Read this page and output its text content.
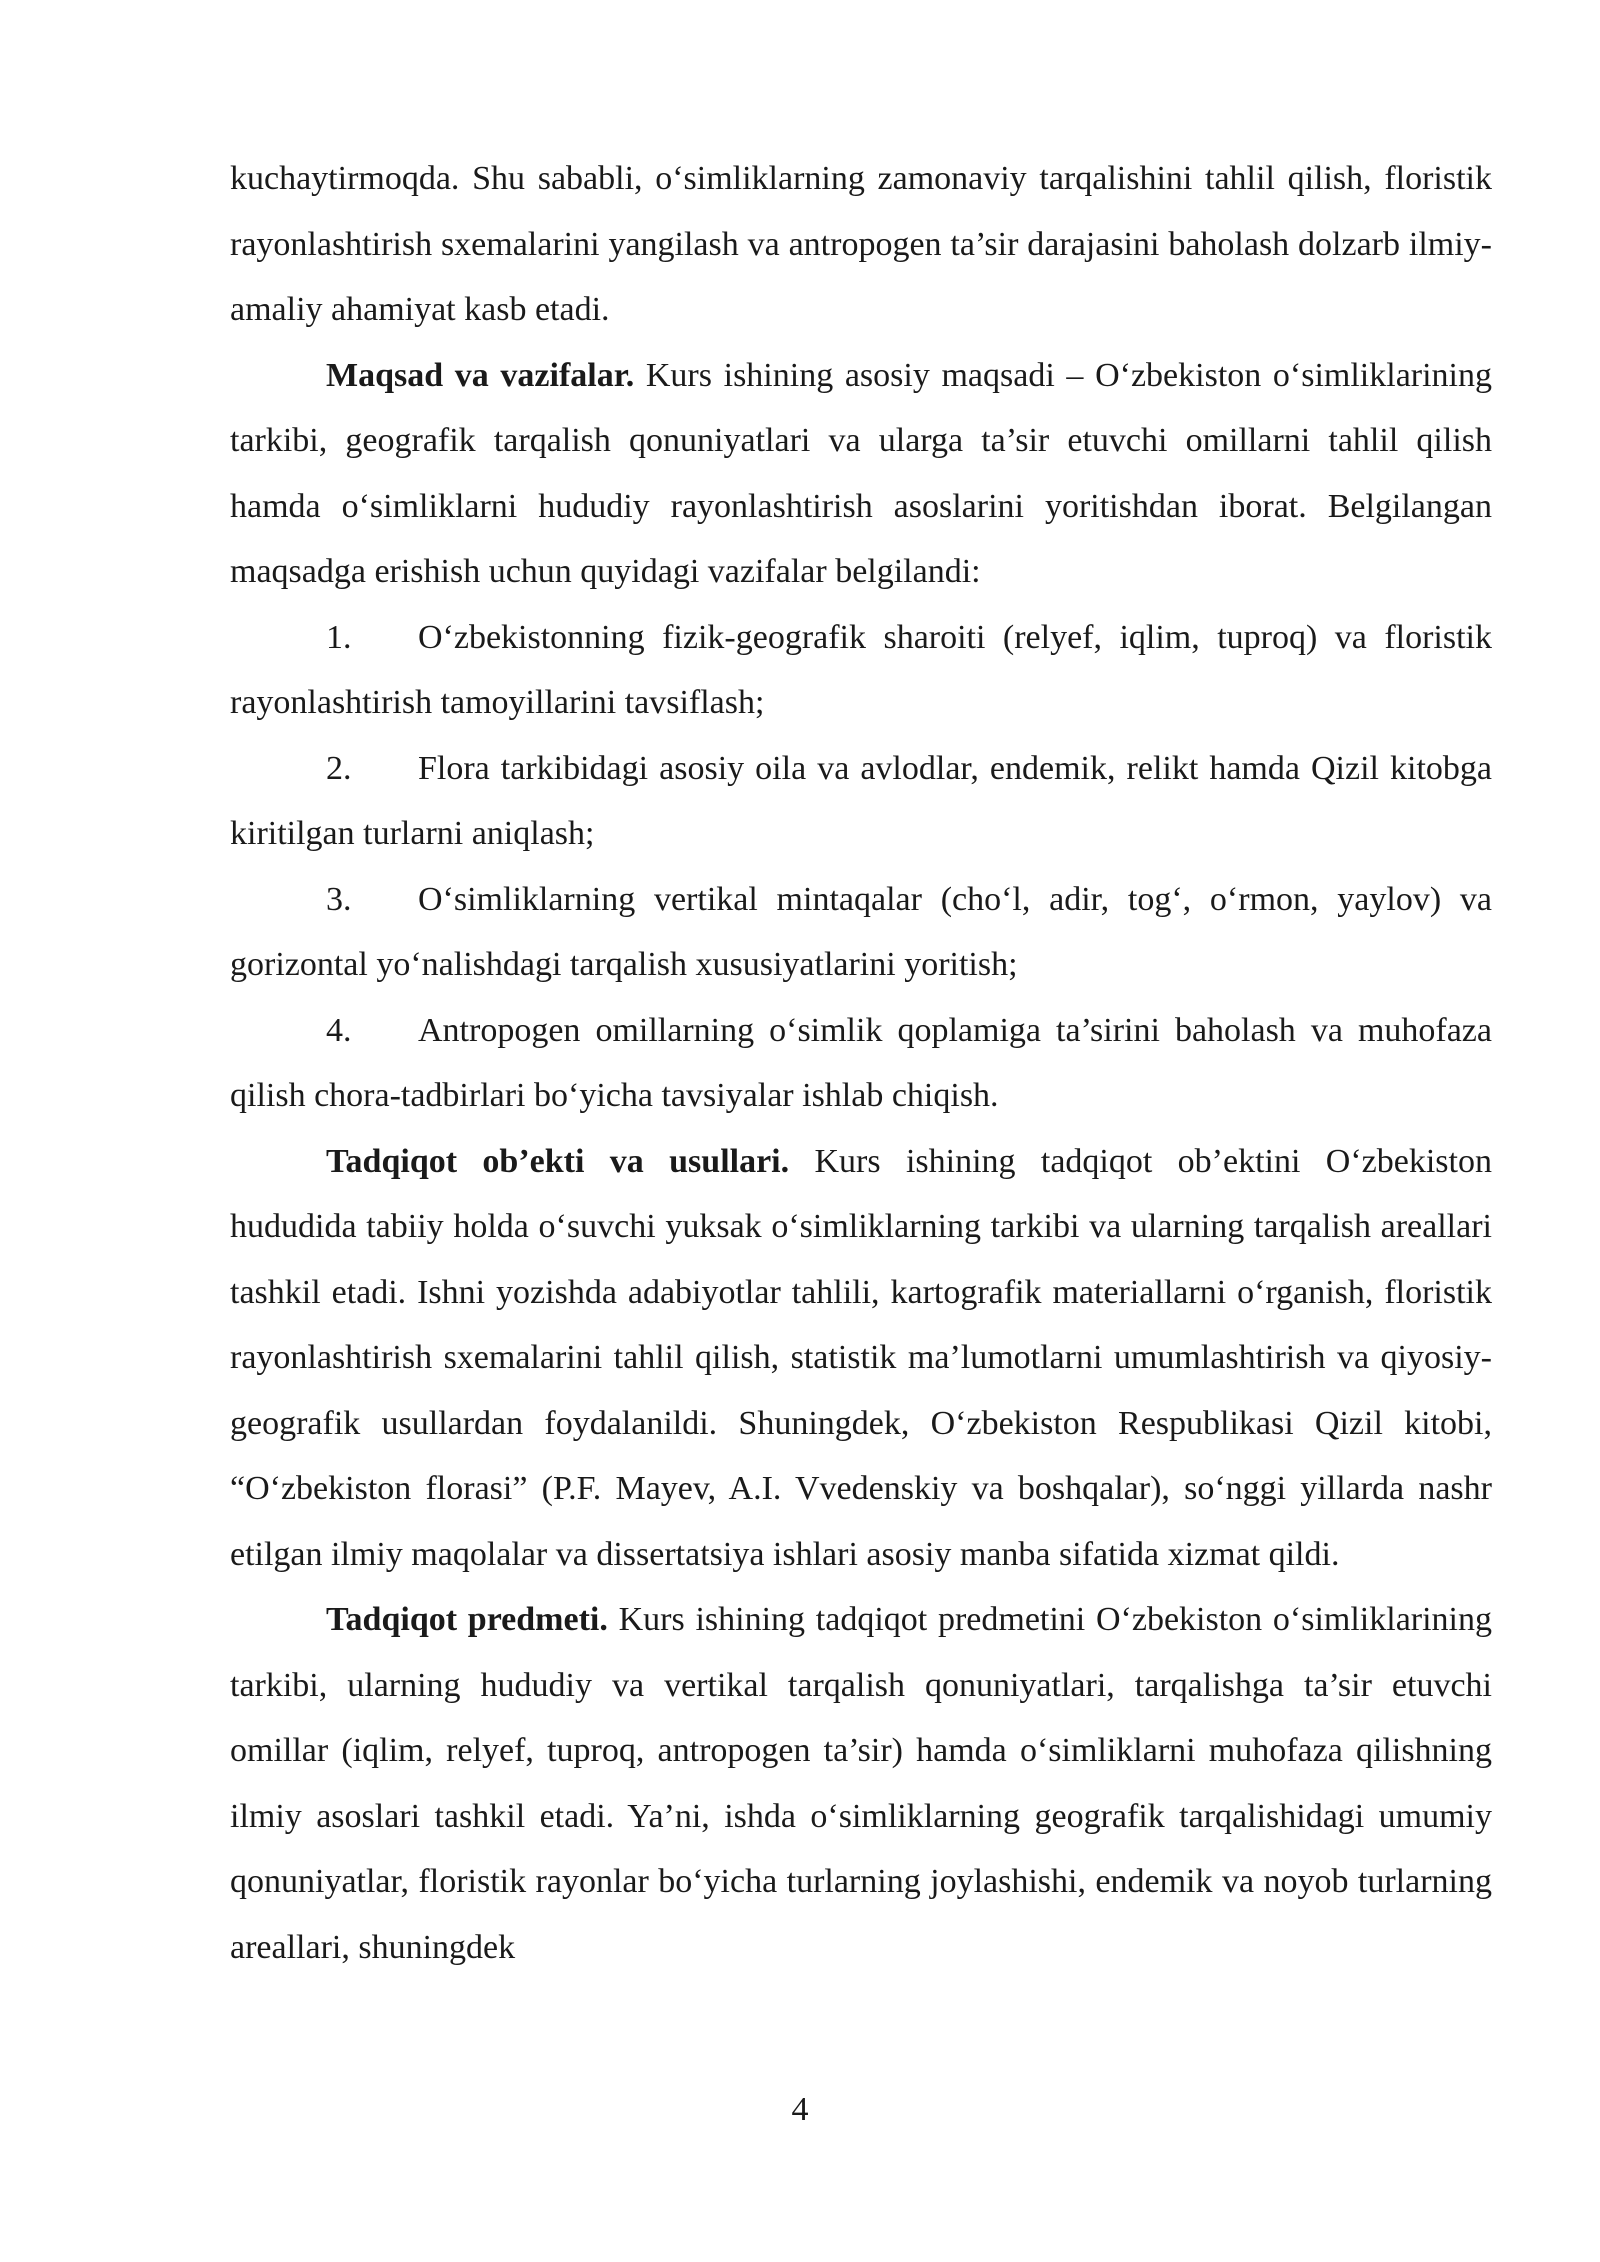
kuchaytirmoqda. Shu sababli, o‘simliklarning zamonaviy tarqalishini tahlil qilish, floristik rayonlashtirish sxemalarini yangilash va antropogen ta’sir darajasini baholash dolzarb ilmiy-amaliy ahamiyat kasb etadi.

Maqsad va vazifalar. Kurs ishining asosiy maqsadi – O‘zbekiston o‘simliklarining tarkibi, geografik tarqalish qonuniyatlari va ularga ta’sir etuvchi omillarni tahlil qilish hamda o‘simliklarni hududiy rayonlashtirish asoslarini yoritishdan iborat. Belgilangan maqsadga erishish uchun quyidagi vazifalar belgilandi:

1. O‘zbekistonning fizik-geografik sharoiti (relyef, iqlim, tuproq) va floristik rayonlashtirish tamoyillarini tavsiflash;

2. Flora tarkibidagi asosiy oila va avlodlar, endemik, relikt hamda Qizil kitobga kiritilgan turlarni aniqlash;

3. O‘simliklarning vertikal mintaqalar (cho‘l, adir, tog‘, o‘rmon, yaylov) va gorizontal yo‘nalishdagi tarqalish xususiyatlarini yoritish;

4. Antropogen omillarning o‘simlik qoplamiga ta’sirini baholash va muhofaza qilish chora-tadbirlari bo‘yicha tavsiyalar ishlab chiqish.

Tadqiqot ob’ekti va usullari. Kurs ishining tadqiqot ob’ektini O‘zbekiston hududida tabiiy holda o‘suvchi yuksak o‘simliklarning tarkibi va ularning tarqalish areallari tashkil etadi. Ishni yozishda adabiyotlar tahlili, kartografik materiallarni o‘rganish, floristik rayonlashtirish sxemalarini tahlil qilish, statistik ma’lumotlarni umumlashtirish va qiyosiy-geografik usullardan foydalanildi. Shuningdek, O‘zbekiston Respublikasi Qizil kitobi, “O‘zbekiston florasi” (P.F. Mayev, A.I. Vvedenskiy va boshqalar), so‘nggi yillarda nashr etilgan ilmiy maqolalar va dissertatsiya ishlari asosiy manba sifatida xizmat qildi.

Tadqiqot predmeti. Kurs ishining tadqiqot predmetini O‘zbekiston o‘simliklarining tarkibi, ularning hududiy va vertikal tarqalish qonuniyatlari, tarqalishga ta’sir etuvchi omillar (iqlim, relyef, tuproq, antropogen ta’sir) hamda o‘simliklarni muhofaza qilishning ilmiy asoslari tashkil etadi. Ya’ni, ishda o‘simliklarning geografik tarqalishidagi umumiy qonuniyatlar, floristik rayonlar bo‘yicha turlarning joylashishi, endemik va noyob turlarning areallari, shuningdek

4
